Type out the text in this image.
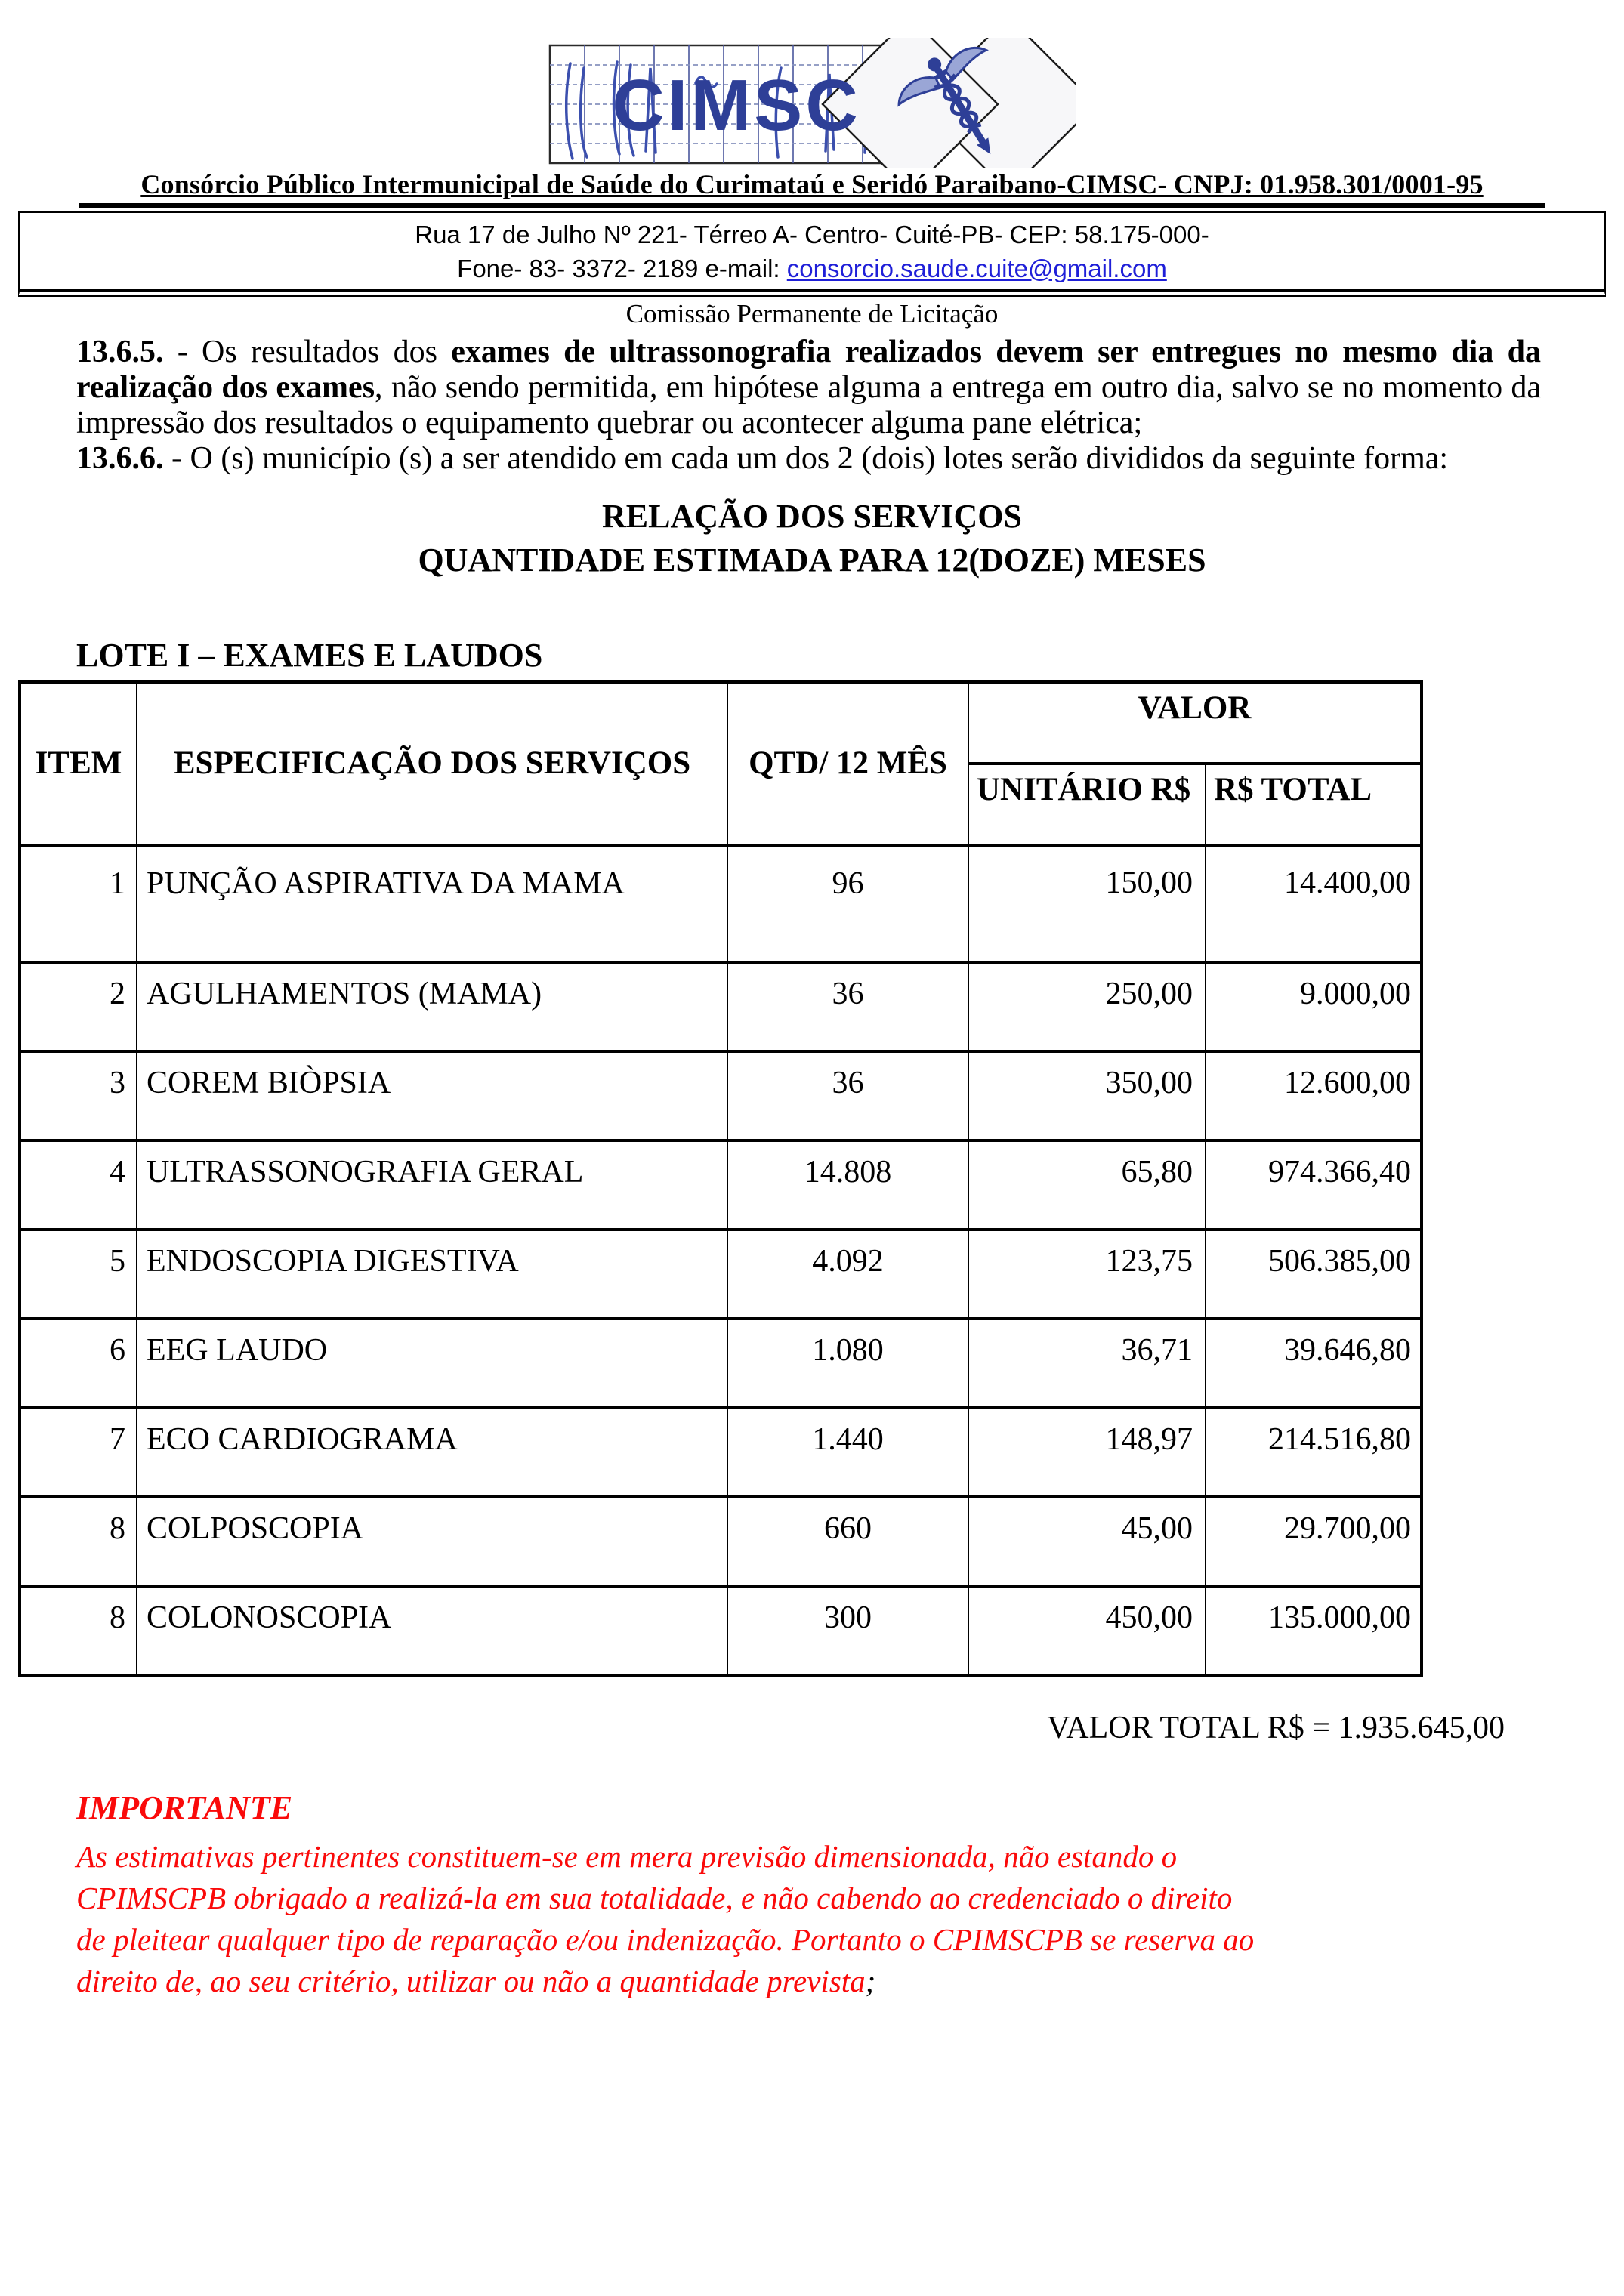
CIMSC
Consórcio Público Intermunicipal de Saúde do Curimataú e Seridó Paraibano-CIMSC- CNPJ: 01.958.301/0001-95
Rua 17 de Julho Nº 221- Térreo A- Centro- Cuité-PB- CEP: 58.175-000-
Fone- 83- 3372- 2189 e-mail: consorcio.saude.cuite@gmail.com
Comissão Permanente de Licitação

13.6.5. - Os resultados dos exames de ultrassonografia realizados devem ser entregues no mesmo dia da realização dos exames, não sendo permitida, em hipótese alguma a entrega em outro dia, salvo se no momento da impressão dos resultados o equipamento quebrar ou acontecer alguma pane elétrica;

13.6.6. - O (s) município (s) a ser atendido em cada um dos 2 (dois) lotes serão divididos da seguinte forma:

RELAÇÃO DOS SERVIÇOS
QUANTIDADE ESTIMADA PARA 12(DOZE) MESES
LOTE I – EXAMES E LAUDOS
ITEM	ESPECIFICAÇÃO DOS SERVIÇOS	QTD/ 12 MÊS	VALOR	
			UNITÁRIO R$	R$ TOTAL
1	PUNÇÃO ASPIRATIVA DA MAMA	96	150,00	14.400,00
2	AGULHAMENTOS (MAMA)	36	250,00	9.000,00
3	COREM BIÒPSIA	36	350,00	12.600,00
4	ULTRASSONOGRAFIA GERAL	14.808	65,80	974.366,40
5	ENDOSCOPIA DIGESTIVA	4.092	123,75	506.385,00
6	EEG LAUDO	1.080	36,71	39.646,80
7	ECO CARDIOGRAMA	1.440	148,97	214.516,80
8	COLPOSCOPIA	660	45,00	29.700,00
8	COLONOSCOPIA	300	450,00	135.000,00
VALOR TOTAL R$ = 1.935.645,00
IMPORTANTE
As estimativas pertinentes constituem-se em mera previsão dimensionada, não estando o
CPIMSCPB obrigado a realizá-la em sua totalidade, e não cabendo ao credenciado o direito
de pleitear qualquer tipo de reparação e/ou indenização. Portanto o CPIMSCPB se reserva ao
direito de, ao seu critério, utilizar ou não a quantidade prevista;
